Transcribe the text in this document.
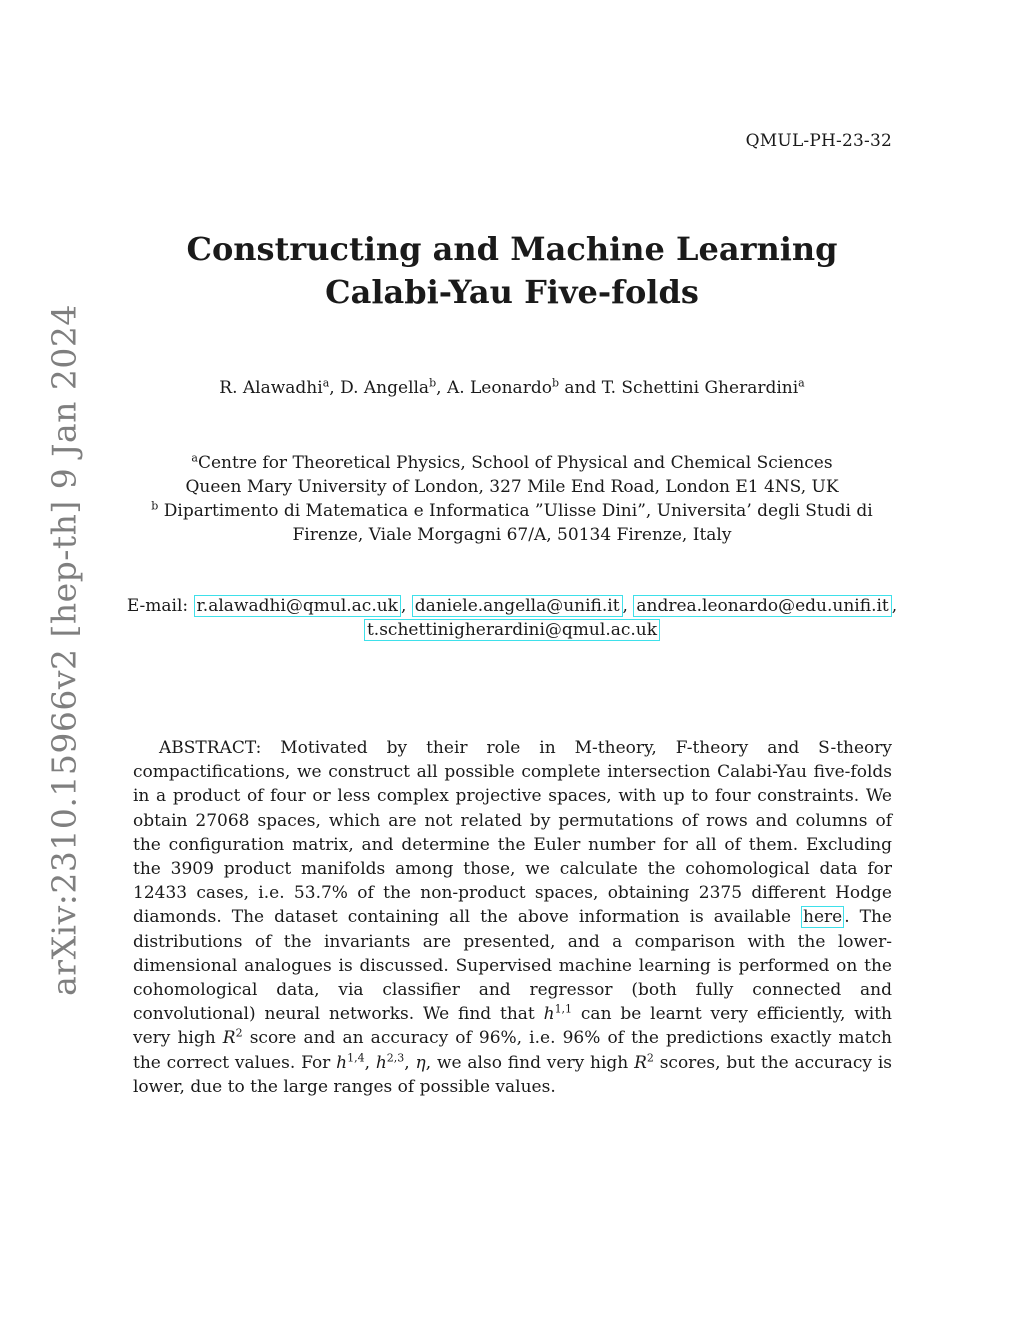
QMUL-PH-23-32
arXiv:2310.15966v2 [hep-th] 9 Jan 2024
Constructing and Machine Learning
Calabi-Yau Five-folds
R. Alawadhi$^a$, D. Angella$^b$, A. Leonardo$^b$ and T. Schettini Gherardini$^a$
$^a$Centre for Theoretical Physics, School of Physical and Chemical Sciences
Queen Mary University of London, 327 Mile End Road, London E1 4NS, UK
$^b$ Dipartimento di Matematica e Informatica ”Ulisse Dini”, Universita’ degli Studi di
Firenze, Viale Morgagni 67/A, 50134 Firenze, Italy
E-mail: r.alawadhi@qmul.ac.uk , daniele.angella@unifi.it , andrea.leonardo@edu.unifi.it ,
t.schettinigherardini@qmul.ac.uk
ABSTRACT: Motivated by their role in M-theory, F-theory and S-theory compactifications, we construct all possible complete intersection Calabi-Yau five-folds in a product of four or less complex projective spaces, with up to four constraints. We obtain 27068 spaces, which are not related by permutations of rows and columns of the configuration matrix, and determine the Euler number for all of them. Excluding the 3909 product manifolds among those, we calculate the cohomological data for 12433 cases, i.e. 53.7% of the non-product spaces, obtaining 2375 different Hodge diamonds. The dataset containing all the above information is available here . The distributions of the invariants are presented, and a comparison with the lower-dimensional analogues is discussed. Supervised machine learning is performed on the cohomological data, via classifier and regressor (both fully connected and convolutional) neural networks. We find that $h^{1,1}$ can be learnt very efficiently, with very high $R^2$ score and an accuracy of 96%, i.e. 96% of the predictions exactly match the correct values. For $h^{1,4}$, $h^{2,3}$, η, we also find very high $R^2$ scores, but the accuracy is lower, due to the large ranges of possible values.
